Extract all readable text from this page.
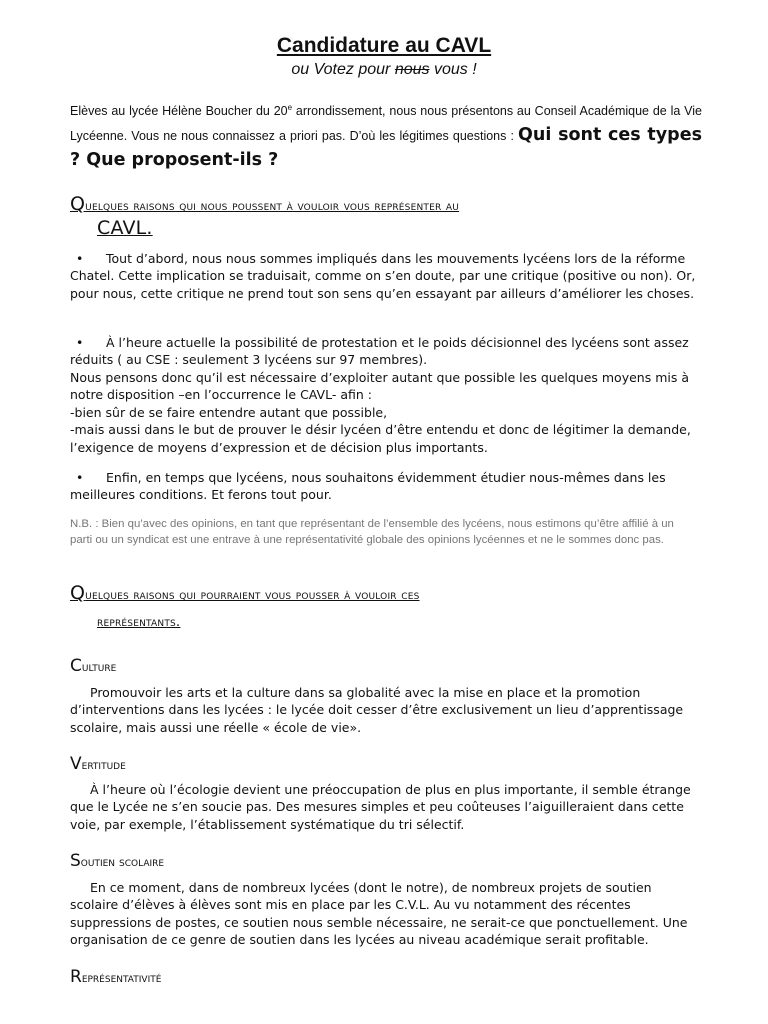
Candidature au CAVL
ou Votez pour nous vous !
Elèves au lycée Hélène Boucher du 20e arrondissement, nous nous présentons au Conseil Académique de la Vie Lycéenne. Vous ne nous connaissez a priori pas. D’où les légitimes questions : Qui sont ces types ? Que proposent-ils ?
Quelques raisons qui nous poussent à vouloir vous représenter au
CAVL.
• Tout d’abord, nous nous sommes impliqués dans les mouvements lycéens lors de la réforme Chatel. Cette implication se traduisait, comme on s’en doute, par une critique (positive ou non). Or, pour nous, cette critique ne prend tout son sens qu’en essayant par ailleurs d’améliorer les choses.
• À l’heure actuelle la possibilité de protestation et le poids décisionnel des lycéens sont assez réduits ( au CSE : seulement 3 lycéens sur 97 membres).
Nous pensons donc qu’il est nécessaire d’exploiter autant que possible les quelques moyens mis à notre disposition –en l’occurrence le CAVL- afin :
-bien sûr de se faire entendre autant que possible,
-mais aussi dans le but de prouver le désir lycéen d’être entendu et donc de légitimer la demande, l’exigence de moyens d’expression et de décision plus importants.
• Enfin, en temps que lycéens, nous souhaitons évidemment étudier nous-mêmes dans les meilleures conditions. Et ferons tout pour.
N.B. : Bien qu’avec des opinions, en tant que représentant de l’ensemble des lycéens, nous estimons qu’être affilié à un parti ou un syndicat est une entrave à une représentativité globale des opinions lycéennes et ne le sommes donc pas.
Quelques raisons qui pourraient vous pousser à vouloir ces
représentants.
Culture
Promouvoir les arts et la culture dans sa globalité avec la mise en place et la promotion d’interventions dans les lycées : le lycée doit cesser d’être exclusivement un lieu d’apprentissage scolaire, mais aussi une réelle « école de vie».
Vertitude
À l’heure où l’écologie devient une préoccupation de plus en plus importante, il semble étrange que le Lycée ne s’en soucie pas. Des mesures simples et peu coûteuses l’aiguilleraient dans cette voie, par exemple, l’établissement systématique du tri sélectif.
Soutien scolaire
En ce moment, dans de nombreux lycées (dont le notre), de nombreux projets de soutien scolaire d’élèves à élèves sont mis en place par les C.V.L. Au vu notamment des récentes suppressions de postes, ce soutien nous semble nécessaire, ne serait-ce que ponctuellement. Une organisation de ce genre de soutien dans les lycées au niveau académique serait profitable.
Représentativité
